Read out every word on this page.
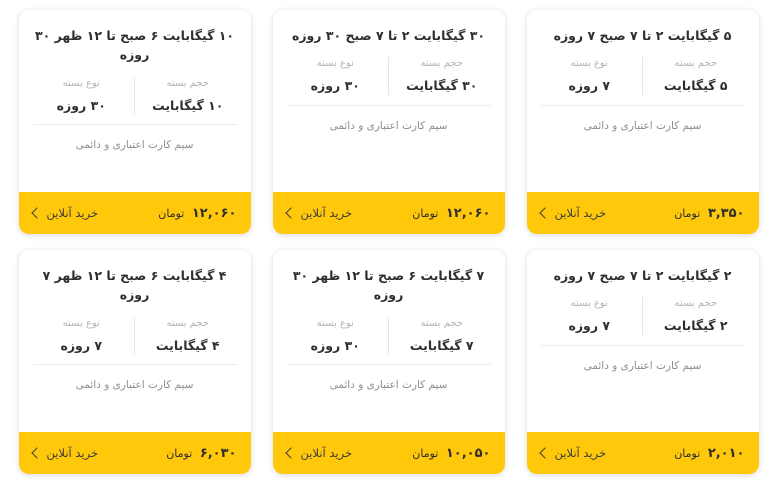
۵ گیگابایت ۲ تا ۷ صبح ۷ روزه
حجم بسته
۵ گیگابایت
نوع بسته
۷ روزه
سیم کارت اعتباری و دائمی
۳,۳۵۰ تومان
خرید آنلاین
۳۰ گیگابایت ۲ تا ۷ صبح ۳۰ روزه
حجم بسته
۳۰ گیگابایت
نوع بسته
۳۰ روزه
سیم کارت اعتباری و دائمی
۱۲,۰۶۰ تومان
خرید آنلاین
۱۰ گیگابایت ۶ صبح تا ۱۲ ظهر ۳۰ روزه
حجم بسته
۱۰ گیگابایت
نوع بسته
۳۰ روزه
سیم کارت اعتباری و دائمی
۱۲,۰۶۰ تومان
خرید آنلاین
۲ گیگابایت ۲ تا ۷ صبح ۷ روزه
حجم بسته
۲ گیگابایت
نوع بسته
۷ روزه
سیم کارت اعتباری و دائمی
۲,۰۱۰ تومان
خرید آنلاین
۷ گیگابایت ۶ صبح تا ۱۲ ظهر ۳۰ روزه
حجم بسته
۷ گیگابایت
نوع بسته
۳۰ روزه
سیم کارت اعتباری و دائمی
۱۰,۰۵۰ تومان
خرید آنلاین
۴ گیگابایت ۶ صبح تا ۱۲ ظهر ۷ روزه
حجم بسته
۴ گیگابایت
نوع بسته
۷ روزه
سیم کارت اعتباری و دائمی
۶,۰۳۰ تومان
خرید آنلاین
